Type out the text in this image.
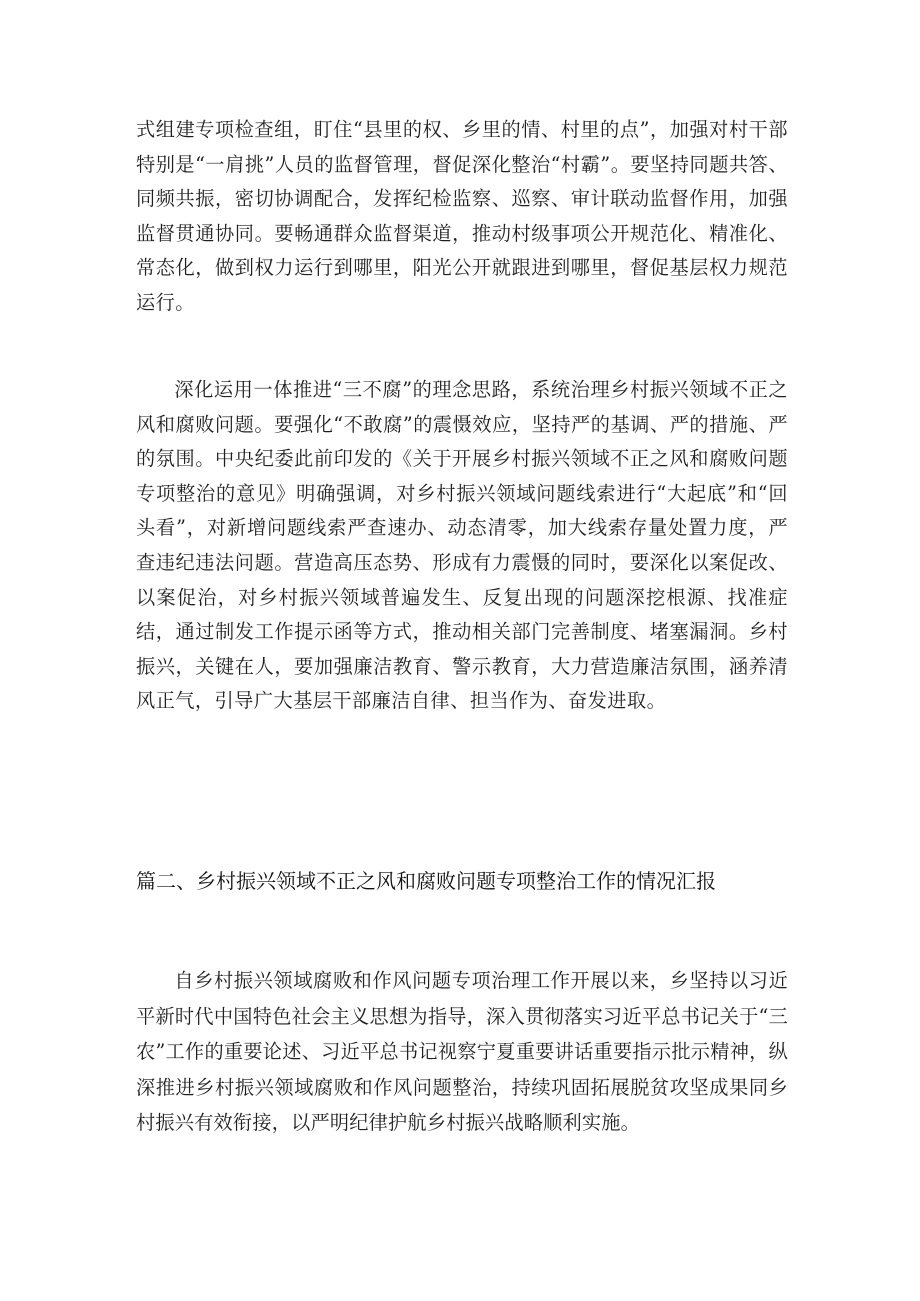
式组建专项检查组，盯住“县里的权、乡里的情、村里的点”，加强对村干部特别是“一肩挑”人员的监督管理，督促深化整治“村霸”。要坚持同题共答、同频共振，密切协调配合，发挥纪检监察、巡察、审计联动监督作用，加强监督贯通协同。要畅通群众监督渠道，推动村级事项公开规范化、精准化、常态化，做到权力运行到哪里，阳光公开就跟进到哪里，督促基层权力规范运行。

深化运用一体推进“三不腐”的理念思路，系统治理乡村振兴领域不正之风和腐败问题。要强化“不敢腐”的震慑效应，坚持严的基调、严的措施、严的氛围。中央纪委此前印发的《关于开展乡村振兴领域不正之风和腐败问题专项整治的意见》明确强调，对乡村振兴领域问题线索进行“大起底”和“回头看”，对新增问题线索严查速办、动态清零，加大线索存量处置力度，严查违纪违法问题。营造高压态势、形成有力震慑的同时，要深化以案促改、以案促治，对乡村振兴领域普遍发生、反复出现的问题深挖根源、找准症结，通过制发工作提示函等方式，推动相关部门完善制度、堵塞漏洞。乡村振兴，关键在人，要加强廉洁教育、警示教育，大力营造廉洁氛围，涵养清风正气，引导广大基层干部廉洁自律、担当作为、奋发进取。

篇二、乡村振兴领域不正之风和腐败问题专项整治工作的情况汇报

自乡村振兴领域腐败和作风问题专项治理工作开展以来，乡坚持以习近平新时代中国特色社会主义思想为指导，深入贯彻落实习近平总书记关于“三农”工作的重要论述、习近平总书记视察宁夏重要讲话重要指示批示精神，纵深推进乡村振兴领域腐败和作风问题整治，持续巩固拓展脱贫攻坚成果同乡村振兴有效衔接，以严明纪律护航乡村振兴战略顺利实施。
